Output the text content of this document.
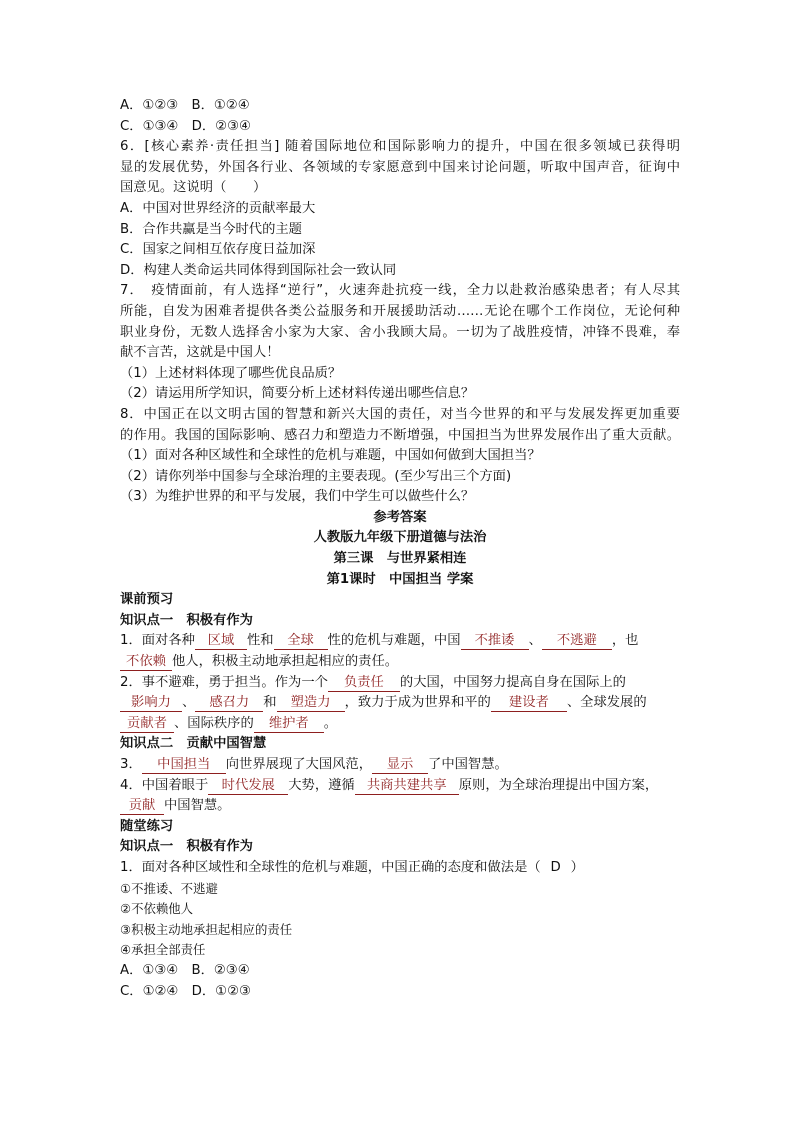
A．①②③　B．①②④
C．①③④　D．②③④
6．[核心素养·责任担当] 随着国际地位和国际影响力的提升，中国在很多领域已获得明
显的发展优势，外国各行业、各领域的专家愿意到中国来讨论问题，听取中国声音，征询中
国意见。这说明（　　）
A．中国对世界经济的贡献率最大
B．合作共赢是当今时代的主题
C．国家之间相互依存度日益加深
D．构建人类命运共同体得到国际社会一致认同
7．　疫情面前，有人选择“逆行”，火速奔赴抗疫一线，全力以赴救治感染患者；有人尽其
所能，自发为困难者提供各类公益服务和开展援助活动……无论在哪个工作岗位，无论何种
职业身份，无数人选择舍小家为大家、舍小我顾大局。一切为了战胜疫情，冲锋不畏难，奉
献不言苦，这就是中国人！
（1）上述材料体现了哪些优良品质？
（2）请运用所学知识，简要分析上述材料传递出哪些信息？
8．中国正在以文明古国的智慧和新兴大国的责任，对当今世界的和平与发展发挥更加重要
的作用。我国的国际影响、感召力和塑造力不断增强，中国担当为世界发展作出了重大贡献。
（1）面对各种区域性和全球性的危机与难题，中国如何做到大国担当？
（2）请你列举中国参与全球治理的主要表现。(至少写出三个方面)
（3）为维护世界的和平与发展，我们中学生可以做些什么？
参考答案
人教版九年级下册道德与法治
第三课　与世界紧相连
第1课时　中国担当 学案
课前预习
知识点一　积极有作为
1．面对各种 区域 性和 全球 性的危机与难题，中国 不推诿 、 不逃避 ，也
不依赖 他人，积极主动地承担起相应的责任。
2．事不避难，勇于担当。作为一个 负责任 的大国，中国努力提高自身在国际上的
影响力 、 感召力 和 塑造力 ，致力于成为世界和平的 建设者 、全球发展的
贡献者 、国际秩序的 维护者 。
知识点二　贡献中国智慧
3． 中国担当 向世界展现了大国风范， 显示 了中国智慧。
4．中国着眼于 时代发展 大势，遵循 共商共建共享 原则，为全球治理提出中国方案，
贡献 中国智慧。
随堂练习
知识点一　积极有作为
1．面对各种区域性和全球性的危机与难题，中国正确的态度和做法是（ D ）
①不推诿、不逃避
②不依赖他人
③积极主动地承担起相应的责任
④承担全部责任
A．①③④　B．②③④
C．①②④　D．①②③
